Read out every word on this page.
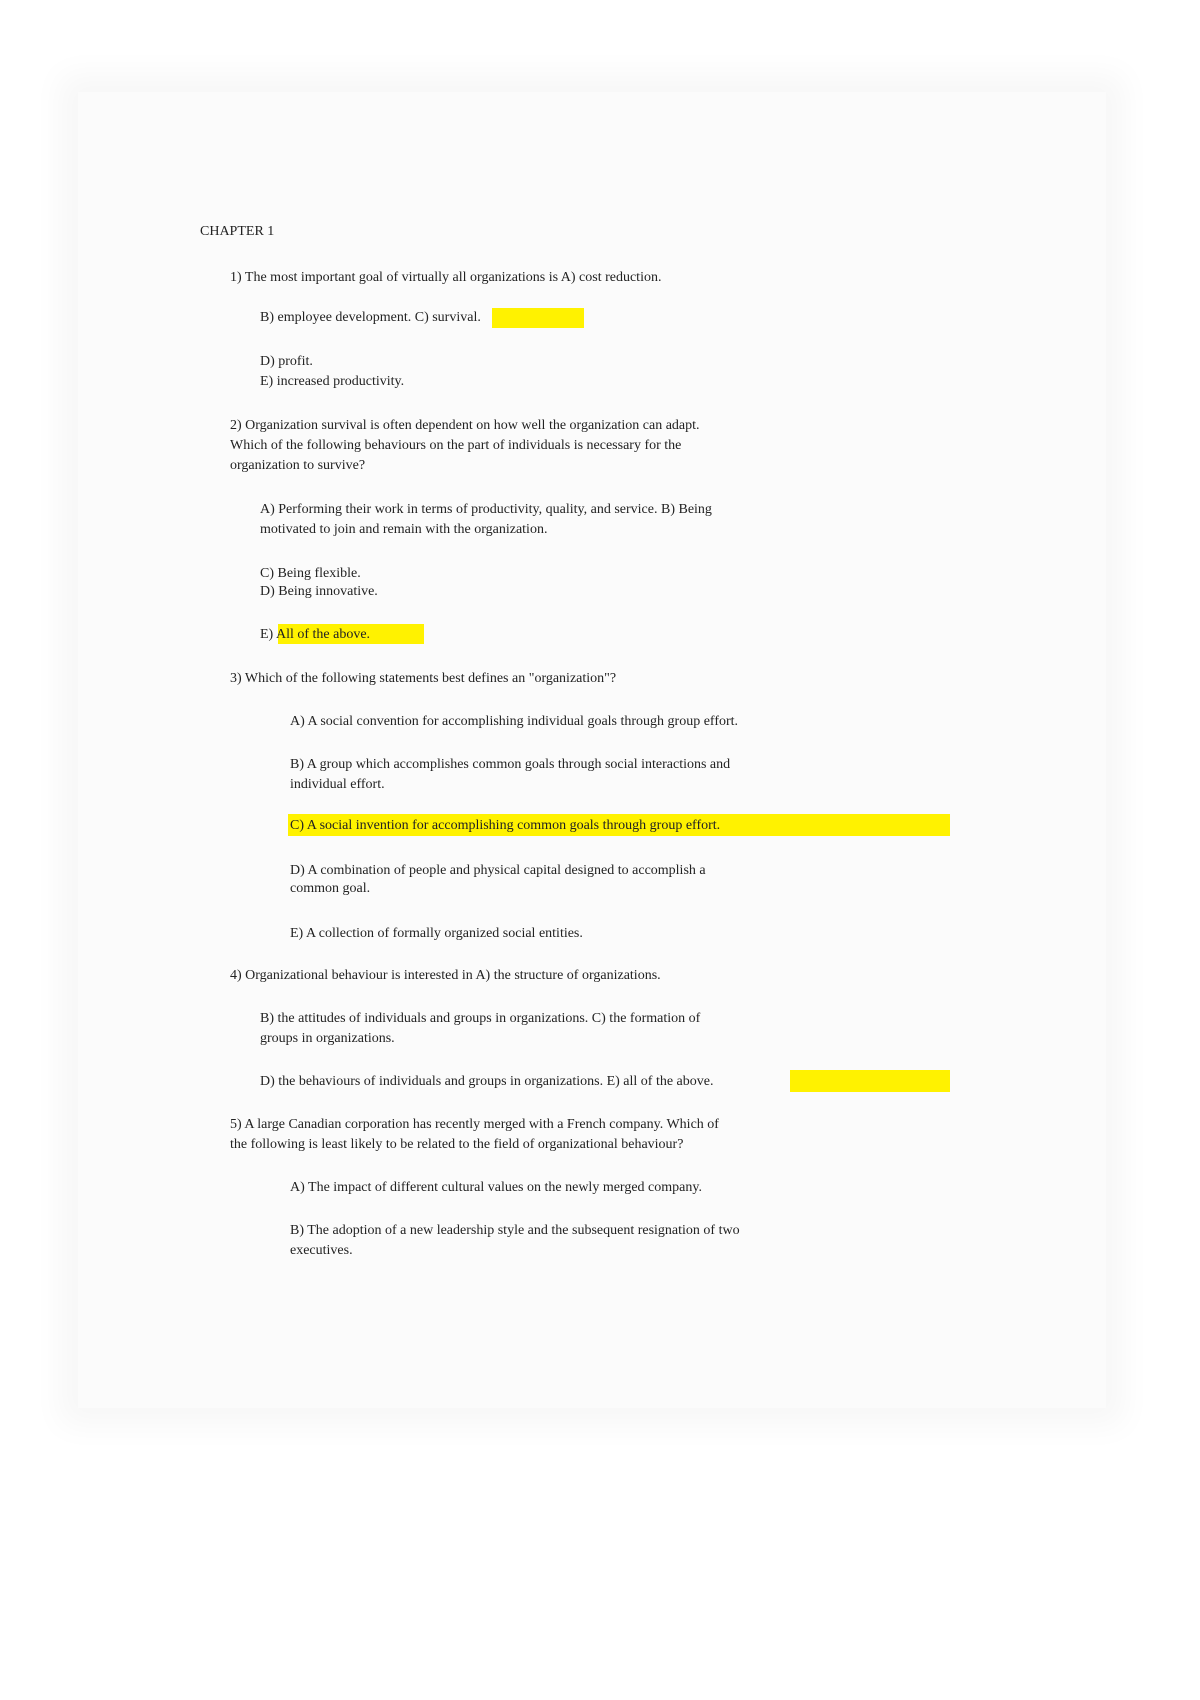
CHAPTER 1
1) The most important goal of virtually all organizations is A) cost reduction.
B) employee development. C) survival.
D) profit.
E) increased productivity.
2) Organization survival is often dependent on how well the organization can adapt.
Which of the following behaviours on the part of individuals is necessary for the
organization to survive?
A) Performing their work in terms of productivity, quality, and service. B) Being
motivated to join and remain with the organization.
C) Being flexible.
D) Being innovative.
E) All of the above.
3) Which of the following statements best defines an "organization"?
A) A social convention for accomplishing individual goals through group effort.
B) A group which accomplishes common goals through social interactions and
individual effort.
C) A social invention for accomplishing common goals through group effort.
D) A combination of people and physical capital designed to accomplish a
common goal.
E) A collection of formally organized social entities.
4) Organizational behaviour is interested in A) the structure of organizations.
B) the attitudes of individuals and groups in organizations. C) the formation of
groups in organizations.
D) the behaviours of individuals and groups in organizations. E) all of the above.
5) A large Canadian corporation has recently merged with a French company. Which of
the following is least likely to be related to the field of organizational behaviour?
A) The impact of different cultural values on the newly merged company.
B) The adoption of a new leadership style and the subsequent resignation of two
executives.
